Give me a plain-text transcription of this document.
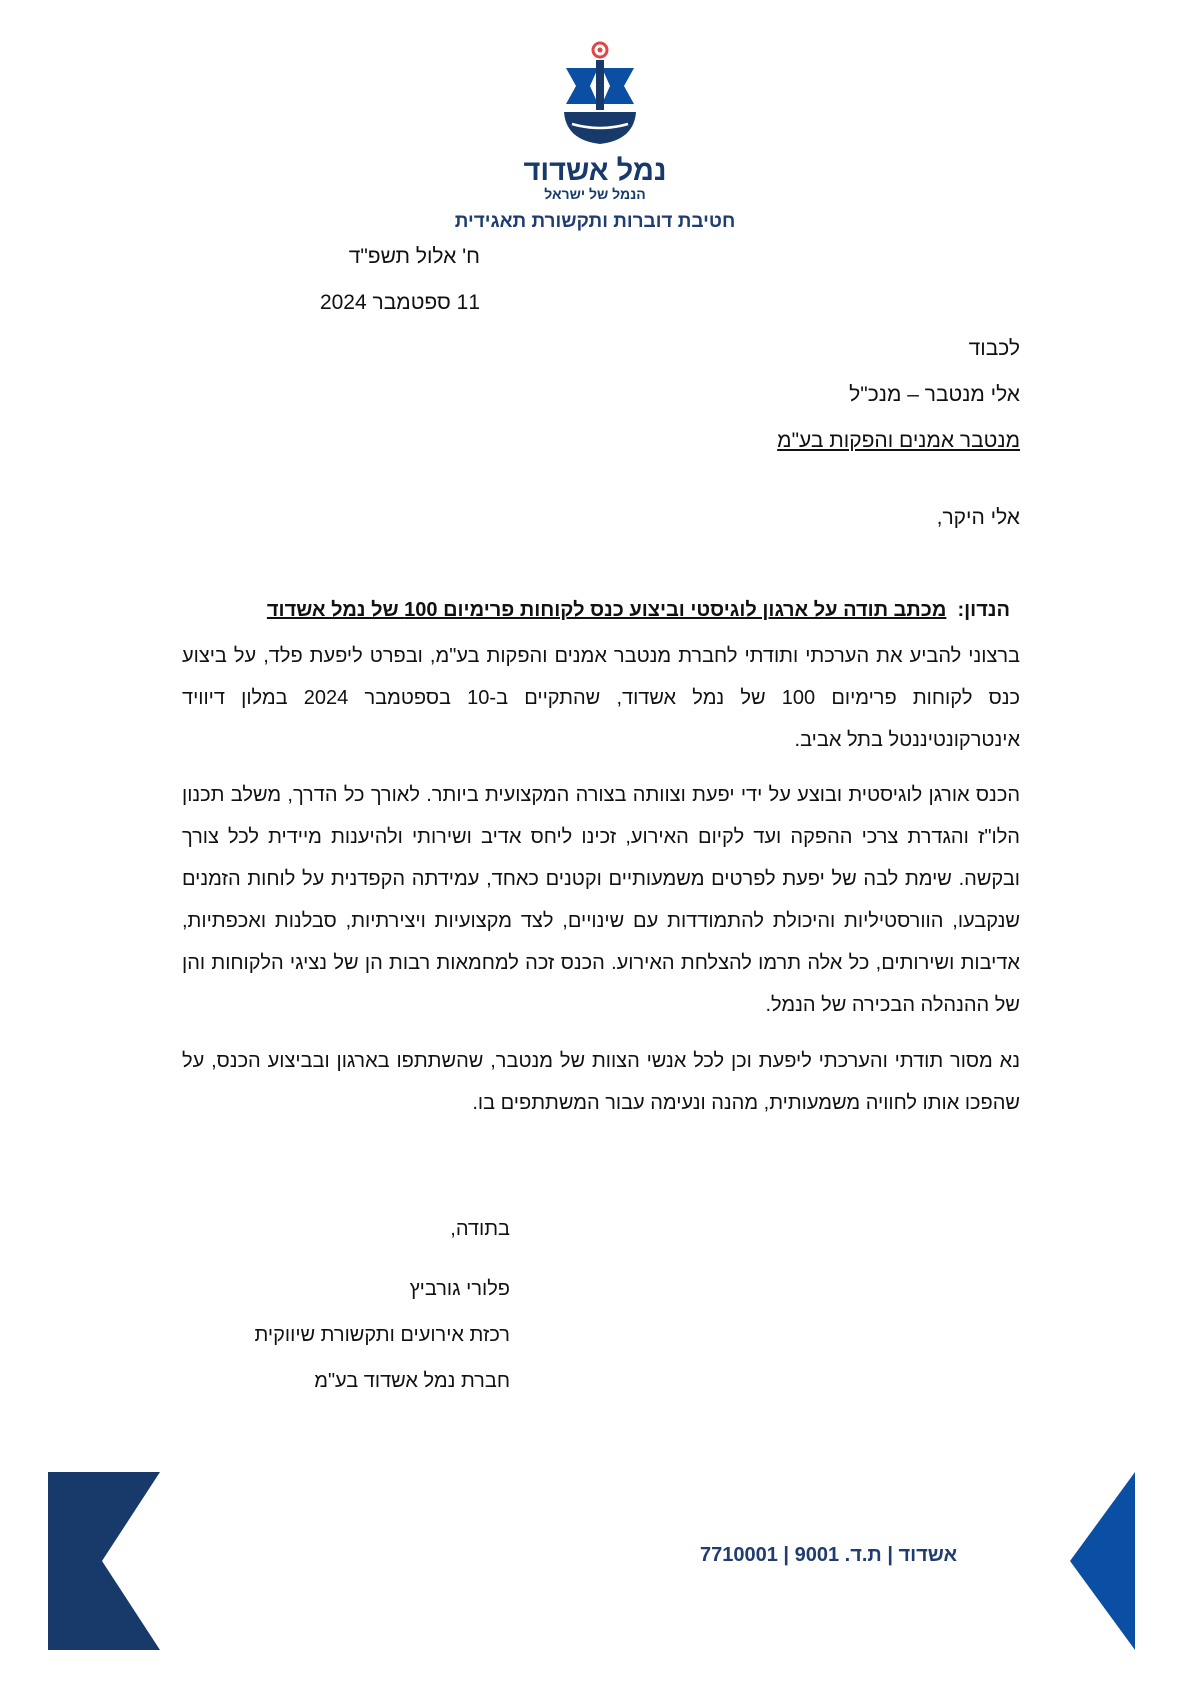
נמל אשדוד
הנמל של ישראל
חטיבת דוברות ותקשורת תאגידית
ח' אלול תשפ"ד
11 ספטמבר 2024
לכבוד
אלי מנטבר – מנכ"ל
מנטבר אמנים והפקות בע"מ
אלי היקר,
הנדון:  מכתב תודה על ארגון לוגיסטי וביצוע כנס לקוחות פרימיום 100 של נמל אשדוד
ברצוני להביע את הערכתי ותודתי לחברת מנטבר אמנים והפקות בע"מ, ובפרט ליפעת פלד, על ביצוע כנס לקוחות פרימיום 100 של נמל אשדוד, שהתקיים ב-10 בספטמבר 2024 במלון דיוויד אינטרקונטיננטל בתל אביב.
הכנס אורגן לוגיסטית ובוצע על ידי יפעת וצוותה בצורה המקצועית ביותר. לאורך כל הדרך, משלב תכנון הלו"ז והגדרת צרכי ההפקה ועד לקיום האירוע, זכינו ליחס אדיב ושירותי ולהיענות מיידית לכל צורך ובקשה. שימת לבה של יפעת לפרטים משמעותיים וקטנים כאחד, עמידתה הקפדנית על לוחות הזמנים שנקבעו, הוורסטיליות והיכולת להתמודדות עם שינויים, לצד מקצועיות ויצירתיות, סבלנות ואכפתיות, אדיבות ושירותים, כל אלה תרמו להצלחת האירוע. הכנס זכה למחמאות רבות הן של נציגי הלקוחות והן של ההנהלה הבכירה של הנמל.
נא מסור תודתי והערכתי ליפעת וכן לכל אנשי הצוות של מנטבר, שהשתתפו בארגון ובביצוע הכנס, על שהפכו אותו לחוויה משמעותית, מהנה ונעימה עבור המשתתפים בו.
בתודה,
פלורי גורביץ
רכזת אירועים ותקשורת שיווקית
חברת נמל אשדוד בע"מ
אשדוד | ת.ד. 9001 | 7710001
